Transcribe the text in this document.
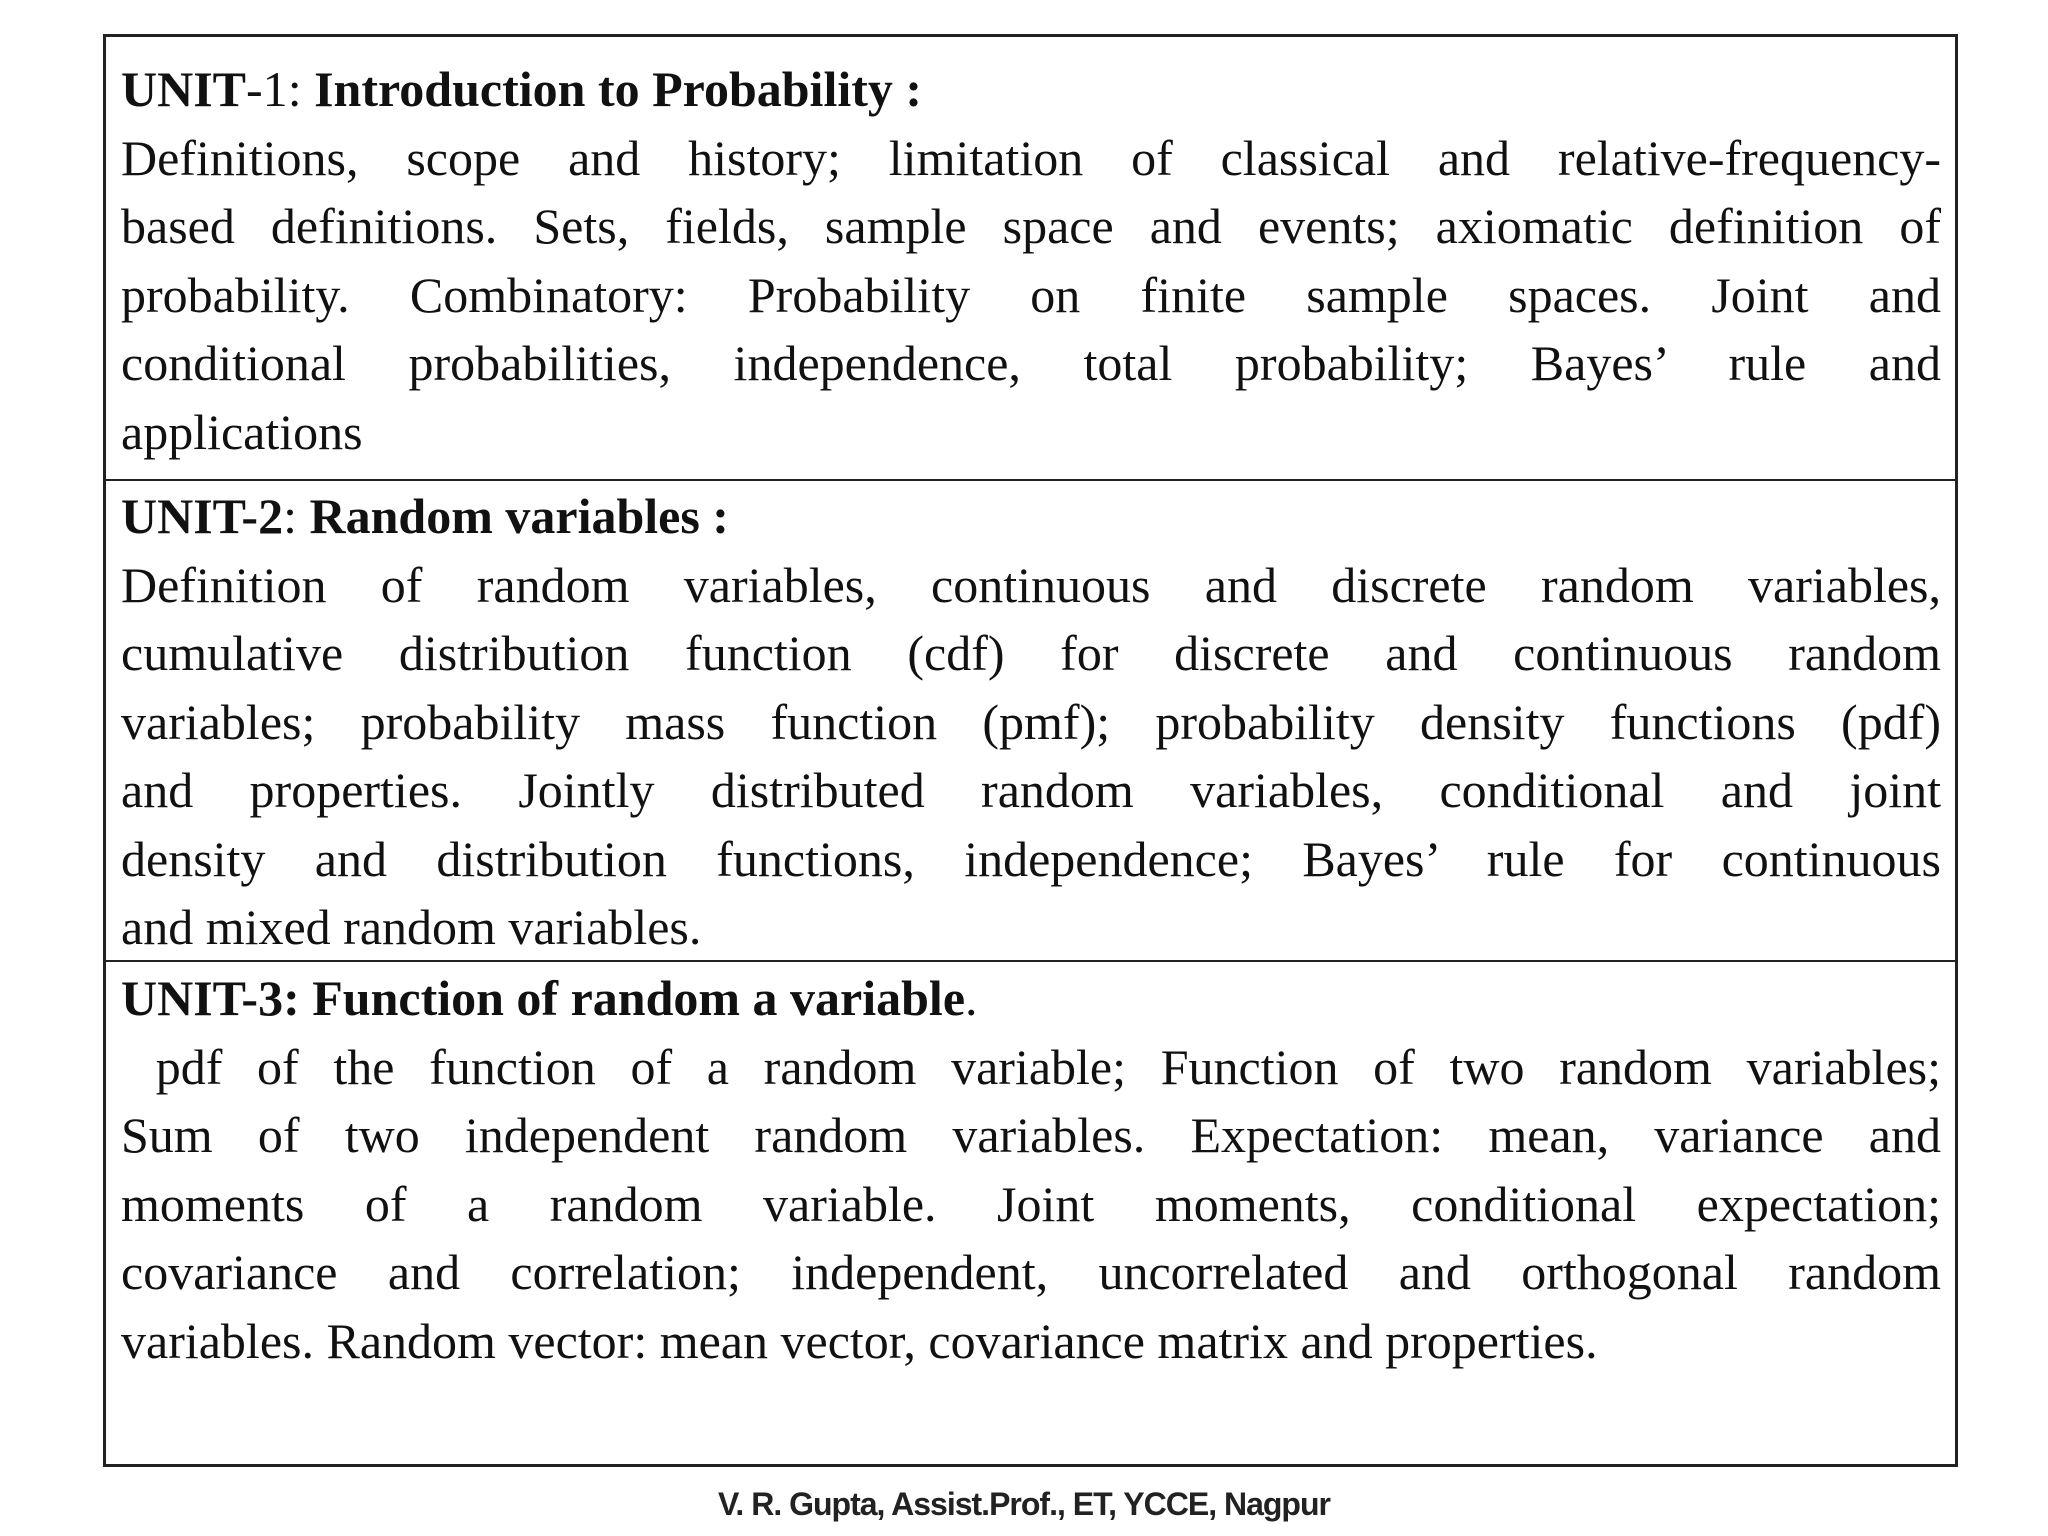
UNIT-1: Introduction to Probability :
Definitions, scope and history; limitation of classical and relative-frequency-
based definitions. Sets, fields, sample space and events; axiomatic definition of
probability. Combinatory: Probability on finite sample spaces. Joint and
conditional probabilities, independence, total probability; Bayes’ rule and
applications
UNIT-2: Random variables :
Definition of random variables, continuous and discrete random variables,
cumulative distribution function (cdf) for discrete and continuous random
variables; probability mass function (pmf); probability density functions (pdf)
and properties. Jointly distributed random variables, conditional and joint
density and distribution functions, independence; Bayes’ rule for continuous
and mixed random variables.
UNIT-3: Function of random a variable.
pdf of the function of a random variable; Function of two random variables;
Sum of two independent random variables. Expectation: mean, variance and
moments of a random variable. Joint moments, conditional expectation;
covariance and correlation; independent, uncorrelated and orthogonal random
variables. Random vector: mean vector, covariance matrix and properties.
V. R. Gupta, Assist.Prof., ET, YCCE, Nagpur
